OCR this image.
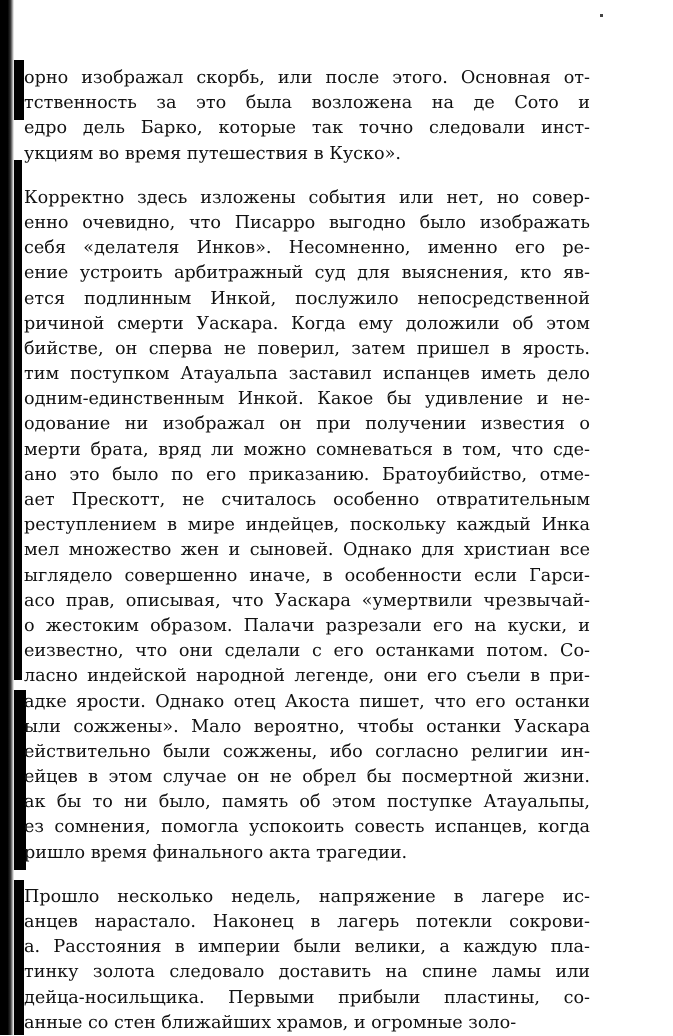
орно изображал скорбь, или после этого. Основная от-
тственность за это была возложена на де Сото и
едро дель Барко, которые так точно следовали инст-
укциям во время путешествия в Куско».
Корректно здесь изложены события или нет, но совер-
енно очевидно, что Писарро выгодно было изображать
себя «делателя Инков». Несомненно, именно его ре-
ение устроить арбитражный суд для выяснения, кто яв-
ется подлинным Инкой, послужило непосредственной
ричиной смерти Уаскара. Когда ему доложили об этом
бийстве, он сперва не поверил, затем пришел в ярость.
тим поступком Атауальпа заставил испанцев иметь дело
одним-единственным Инкой. Какое бы удивление и не-
одование ни изображал он при получении известия о
мерти брата, вряд ли можно сомневаться в том, что сде-
ано это было по его приказанию. Братоубийство, отме-
ает Прескотт, не считалось особенно отвратительным
реступлением в мире индейцев, поскольку каждый Инка
мел множество жен и сыновей. Однако для христиан все
ыглядело совершенно иначе, в особенности если Гарси-
асо прав, описывая, что Уаскара «умертвили чрезвычай-
о жестоким образом. Палачи разрезали его на куски, и
еизвестно, что они сделали с его останками потом. Со-
ласно индейской народной легенде, они его съели в при-
адке ярости. Однако отец Акоста пишет, что его останки
ыли сожжены». Мало вероятно, чтобы останки Уаскара
ействительно были сожжены, ибо согласно религии ин-
ейцев в этом случае он не обрел бы посмертной жизни.
ак бы то ни было, память об этом поступке Атауальпы,
ез сомнения, помогла успокоить совесть испанцев, когда
ришло время финального акта трагедии.
Прошло несколько недель, напряжение в лагере ис-
анцев нарастало. Наконец в лагерь потекли сокрови-
а. Расстояния в империи были велики, а каждую пла-
тинку золота следовало доставить на спине ламы или
дейца-носильщика. Первыми прибыли пластины, со-
анные со стен ближайших храмов, и огромные золо-
